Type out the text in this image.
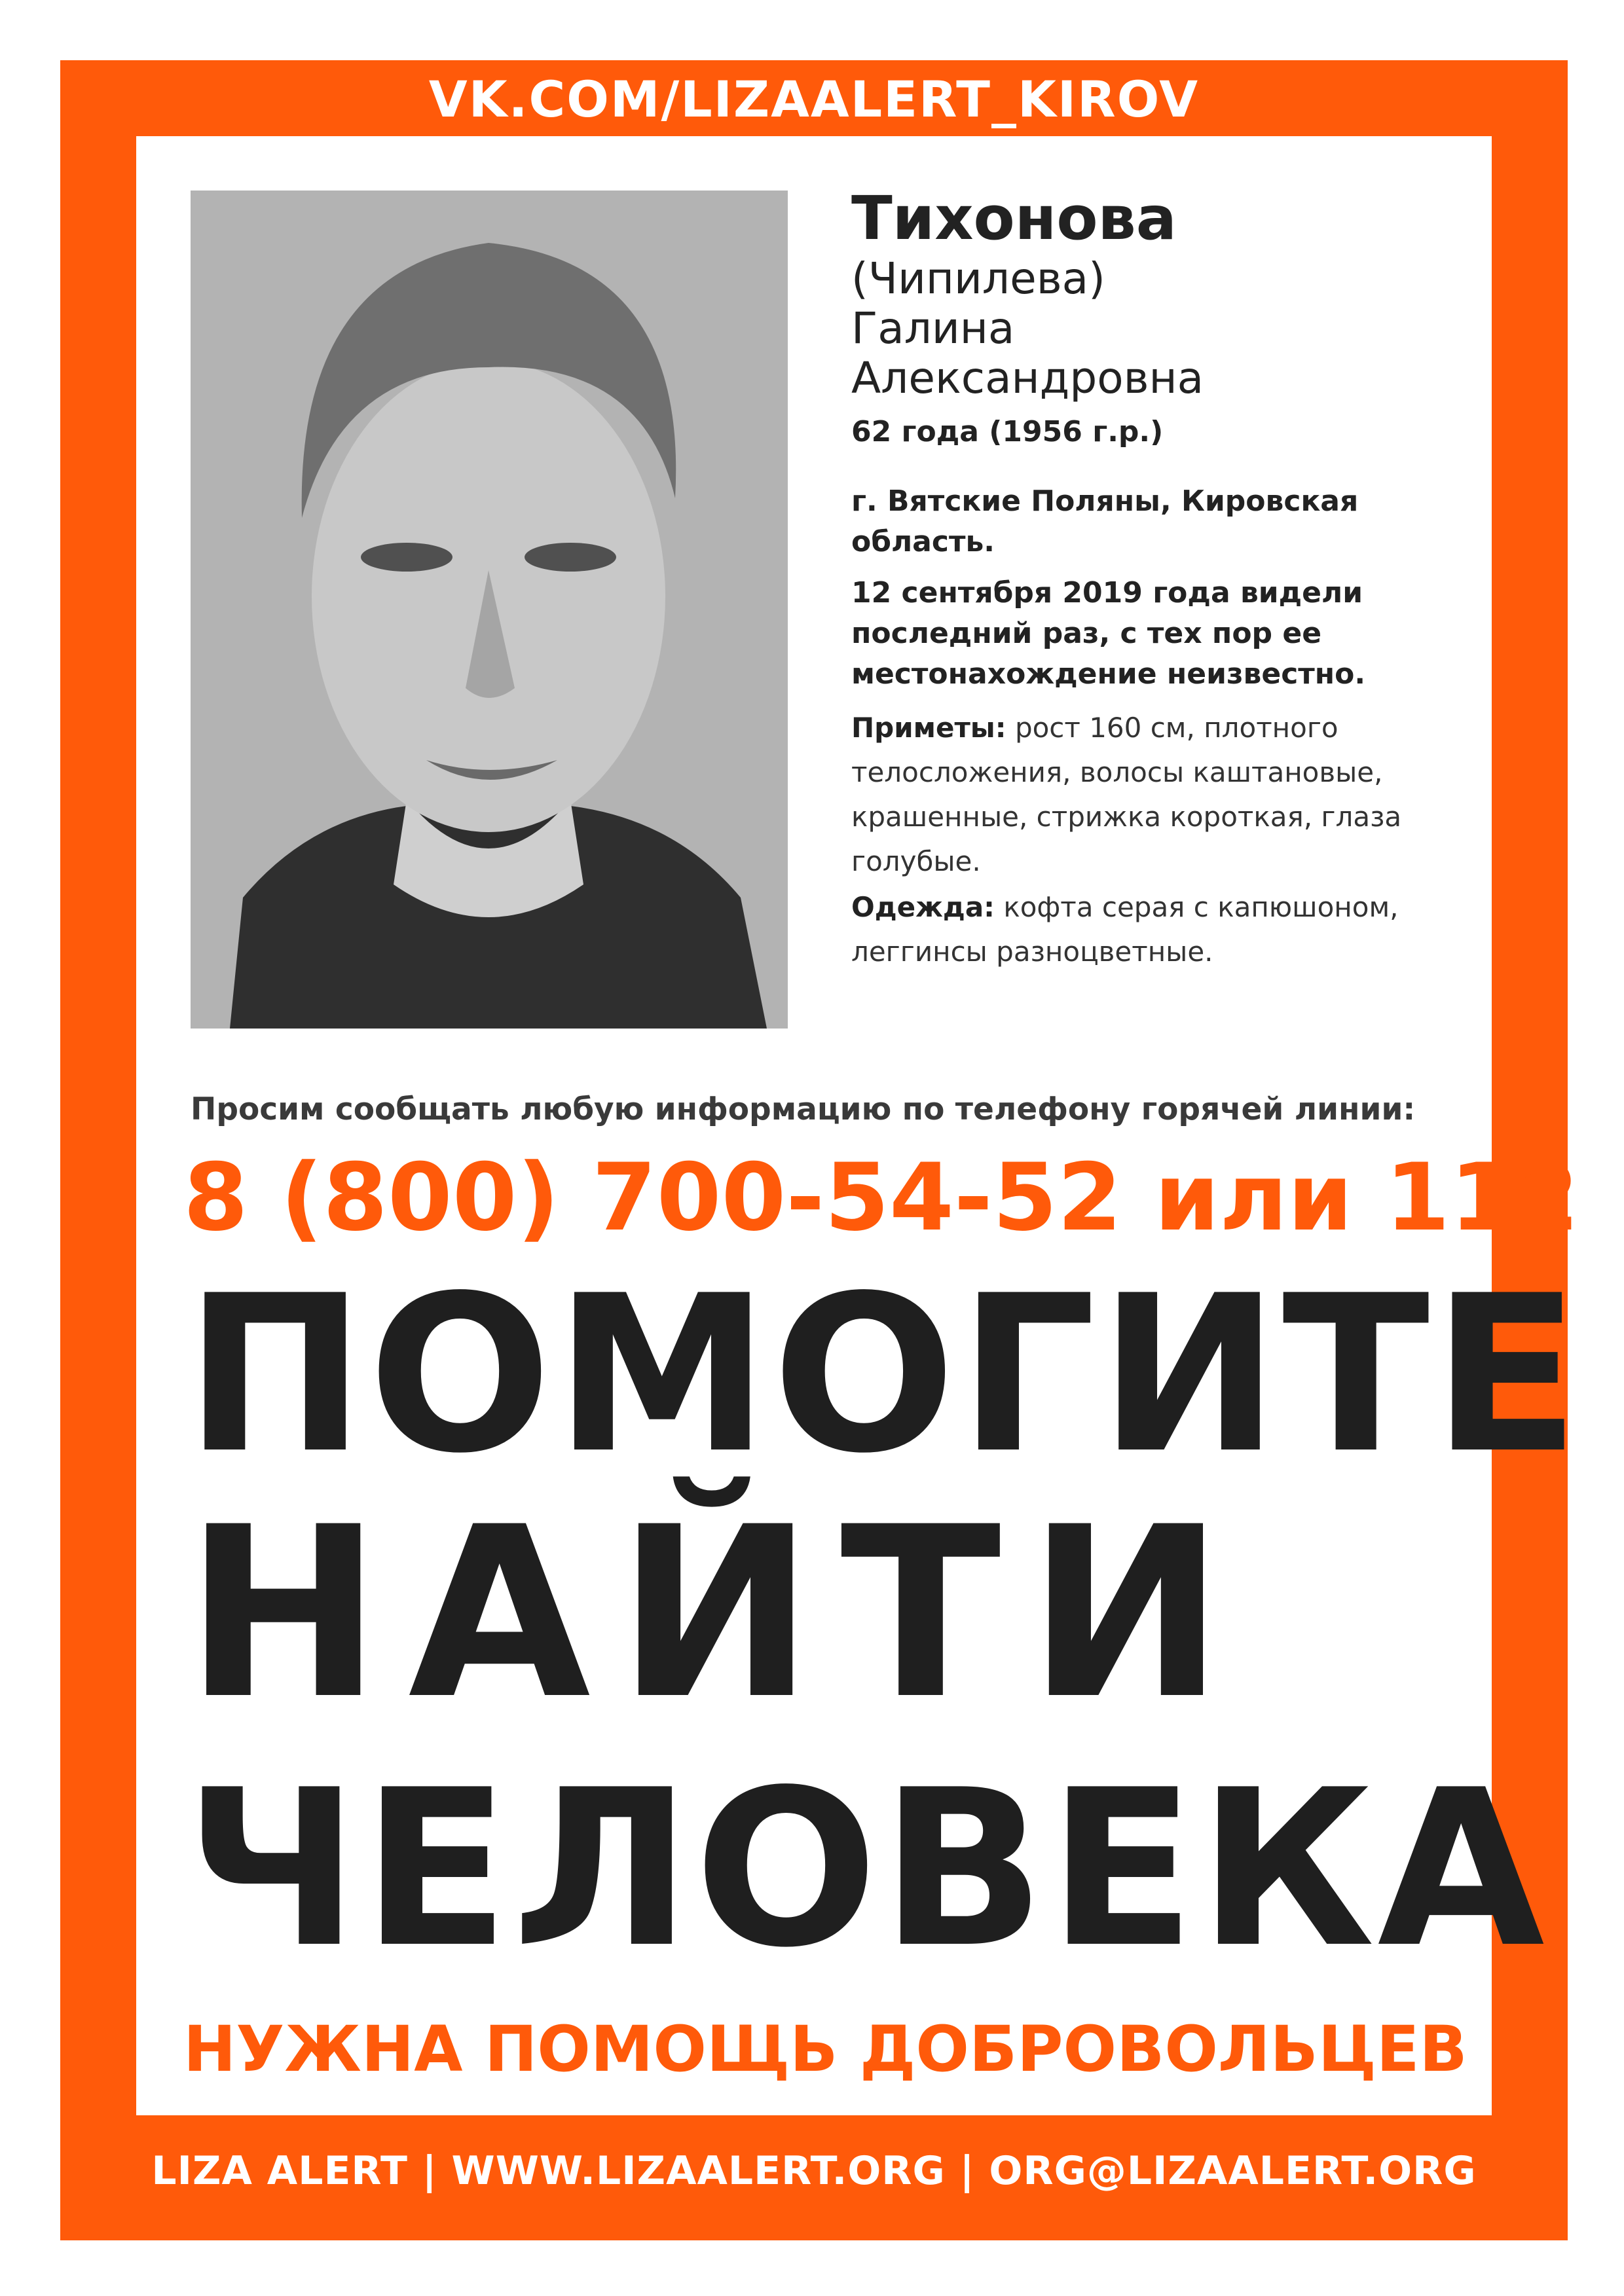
VK.COM/LIZAALERT_KIROV

Тихонова

(Чипилева)

Галина

Александровна

62 года (1956 г.р.)
г. Вятские Поляны, Кировская область.
12 сентября 2019 года видели последний раз, с тех пор ее местонахождение неизвестно.
Приметы: рост 160 см, плотного телосложения, волосы каштановые, крашенные, стрижка короткая, глаза голубые.
Одежда: кофта серая с капюшоном, леггинсы разноцветные.
Просим сообщать любую информацию по телефону горячей линии:
8 (800) 700-54-52 или 112
ПОМОГИТЕ
НАЙТИ
ЧЕЛОВЕКА
НУЖНА ПОМОЩЬ ДОБРОВОЛЬЦЕВ
LIZA ALERT | WWW.LIZAALERT.ORG | ORG@LIZAALERT.ORG
